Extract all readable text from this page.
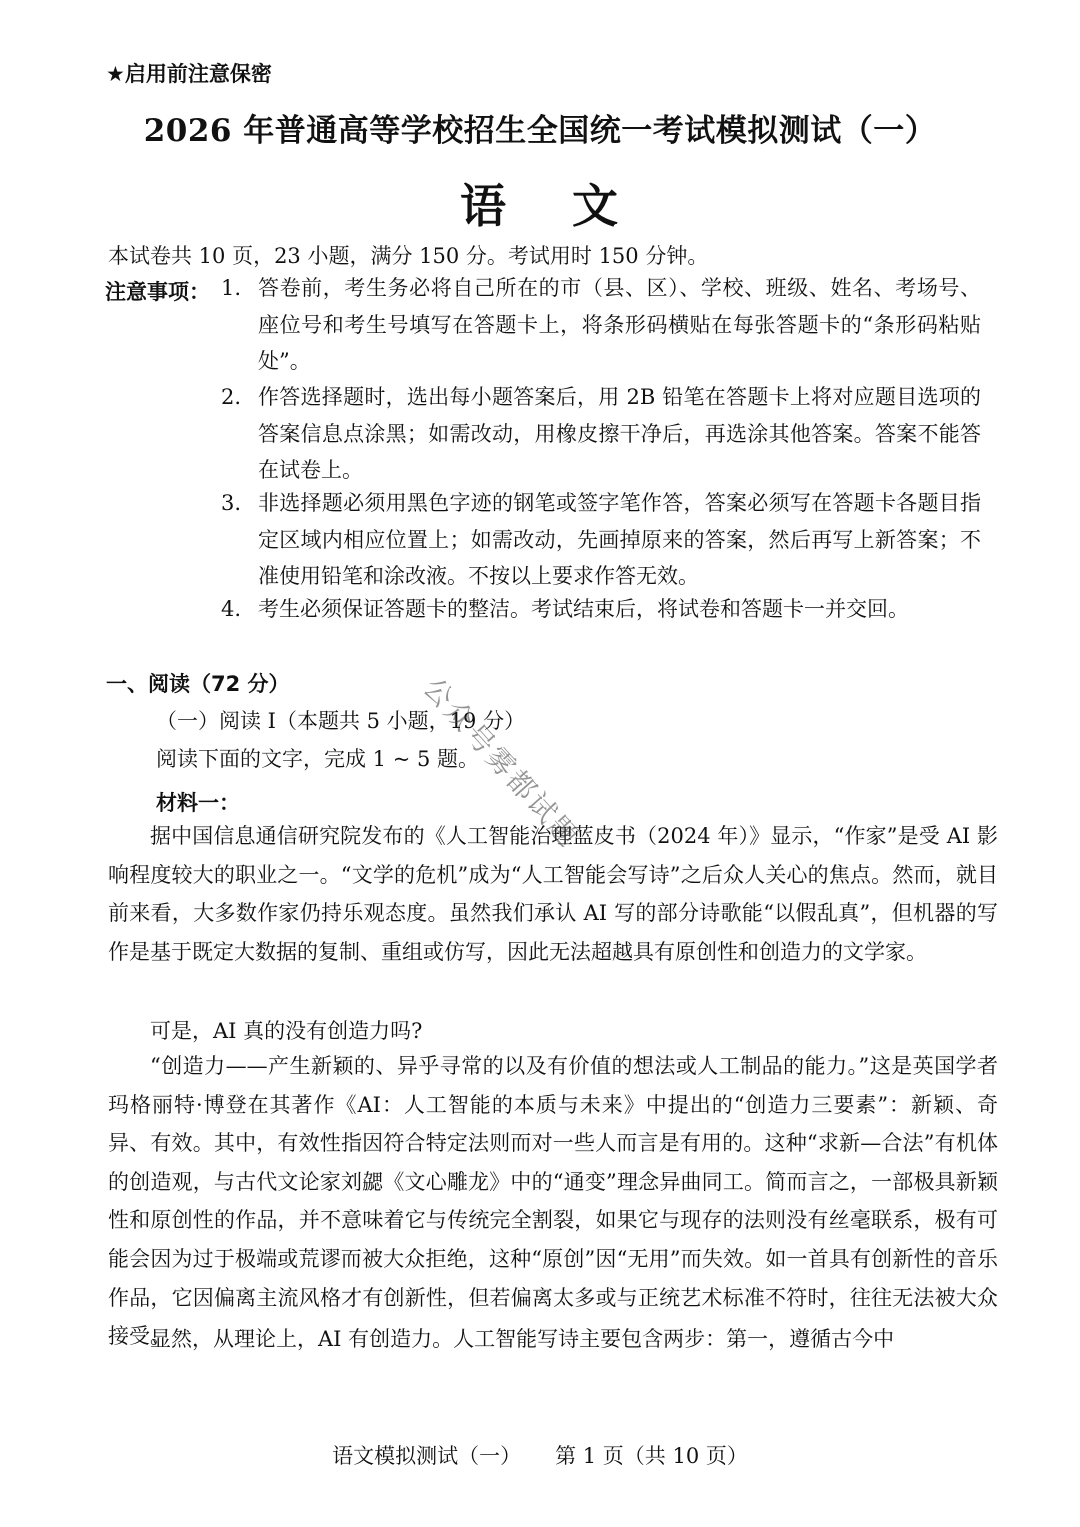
★启用前注意保密
2026 年普通高等学校招生全国统一考试模拟测试（一）
语 文
本试卷共 10 页，23 小题，满分 150 分。考试用时 150 分钟。
注意事项： 1. 答卷前，考生务必将自己所在的市（县、区）、学校、班级、姓名、考场号、座位号和考生号填写在答题卡上，将条形码横贴在每张答题卡的“条形码粘贴处”。
2. 作答选择题时，选出每小题答案后，用 2B 铅笔在答题卡上将对应题目选项的答案信息点涂黑；如需改动，用橡皮擦干净后，再选涂其他答案。答案不能答在试卷上。
3. 非选择题必须用黑色字迹的钢笔或签字笔作答，答案必须写在答题卡各题目指定区域内相应位置上；如需改动，先画掉原来的答案，然后再写上新答案；不准使用铅笔和涂改液。不按以上要求作答无效。
4. 考生必须保证答题卡的整洁。考试结束后，将试卷和答题卡一并交回。
一、阅读（72 分）
（一）阅读 I（本题共 5 小题，19 分）
阅读下面的文字，完成 1 ~ 5 题。
材料一：
据中国信息通信研究院发布的《人工智能治理蓝皮书（2024 年）》显示，“作家”是受 AI 影响程度较大的职业之一。“文学的危机”成为“人工智能会写诗”之后众人关心的焦点。然而，就目前来看，大多数作家仍持乐观态度。虽然我们承认 AI 写的部分诗歌能“以假乱真”，但机器的写作是基于既定大数据的复制、重组或仿写，因此无法超越具有原创性和创造力的文学家。
可是，AI 真的没有创造力吗?
“创造力——产生新颖的、异乎寻常的以及有价值的想法或人工制品的能力。”这是英国学者玛格丽特·博登在其著作《AI：人工智能的本质与未来》中提出的“创造力三要素”：新颖、奇异、有效。其中，有效性指因符合特定法则而对一些人而言是有用的。这种“求新—合法”有机体的创造观，与古代文论家刘勰《文心雕龙》中的“通变”理念异曲同工。简而言之，一部极具新颖性和原创性的作品，并不意味着它与传统完全割裂，如果它与现存的法则没有丝毫联系，极有可能会因为过于极端或荒谬而被大众拒绝，这种“原创”因“无用”而失效。如一首具有创新性的音乐作品，它因偏离主流风格才有创新性，但若偏离太多或与正统艺术标准不符时，往往无法被大众接受。
显然，从理论上，AI 有创造力。人工智能写诗主要包含两步：第一，遵循古今中
公众号雾都试题
语文模拟测试（一） 第 1 页（共 10 页）
